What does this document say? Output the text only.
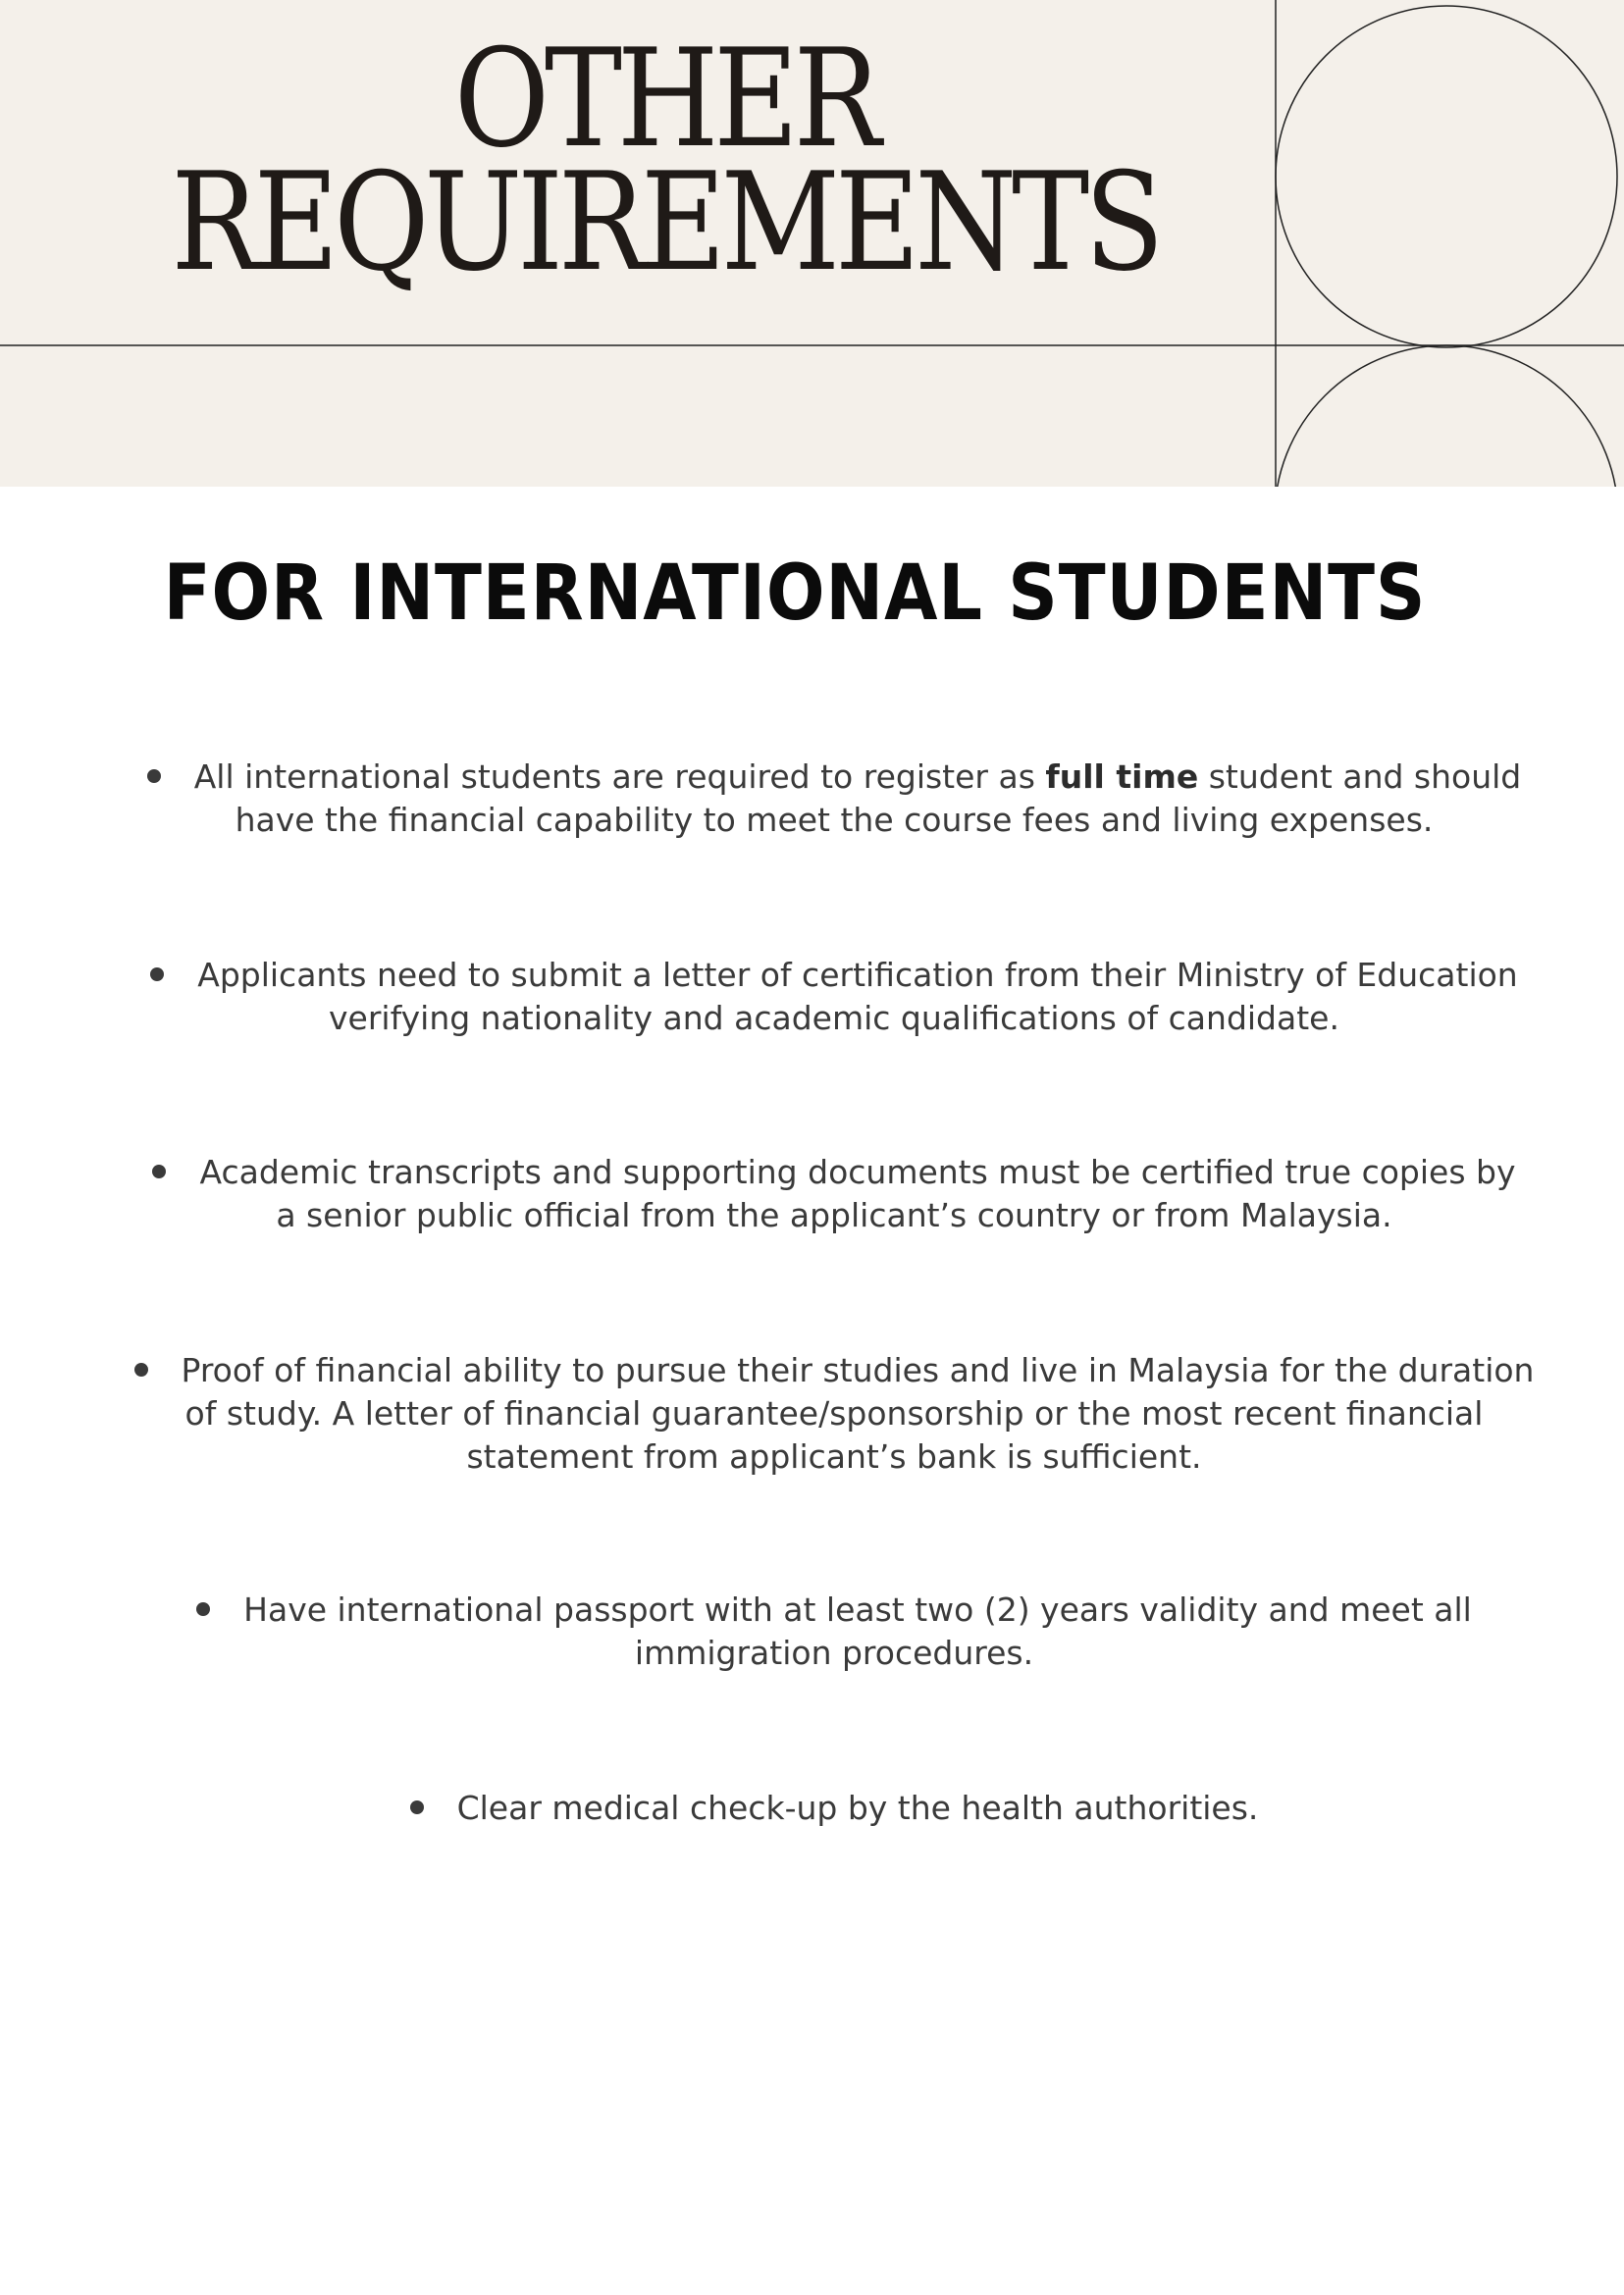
OTHER
REQUIREMENTS
FOR INTERNATIONAL STUDENTS
All international students are required to register as full time student and should have the financial capability to meet the course fees and living expenses.
Applicants need to submit a letter of certification from their Ministry of Education verifying nationality and academic qualifications of candidate.
Academic transcripts and supporting documents must be certified true copies by a senior public official from the applicant’s country or from Malaysia.
Proof of financial ability to pursue their studies and live in Malaysia for the duration of study. A letter of financial guarantee/sponsorship or the most recent financial statement from applicant’s bank is sufficient.
Have international passport with at least two (2) years validity and meet all immigration procedures.
Clear medical check-up by the health authorities.
